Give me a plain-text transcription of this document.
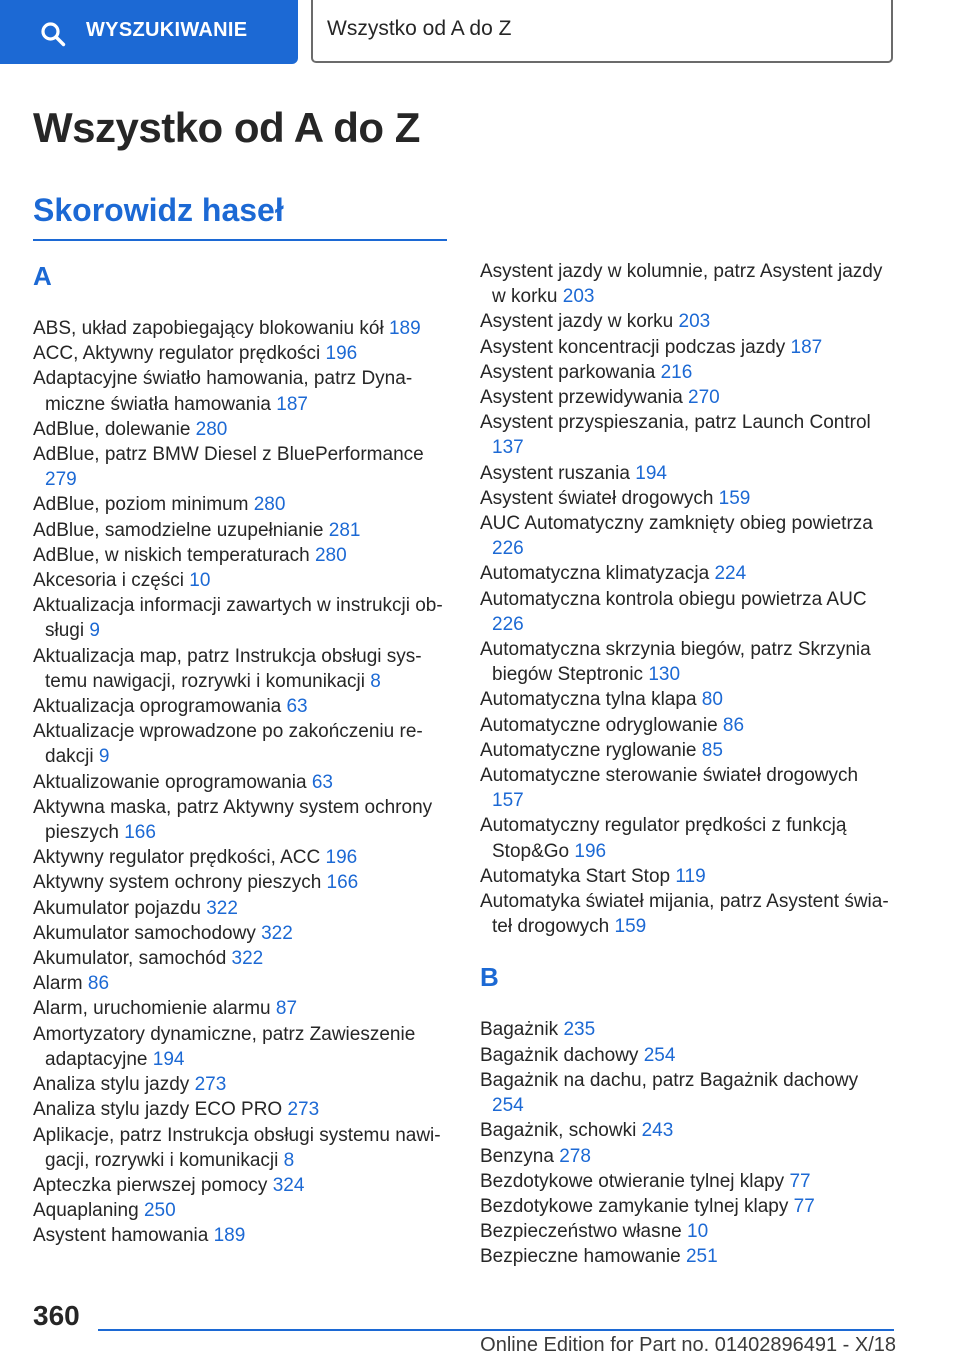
WYSZUKIWANIE	Wszystko od A do Z
Wszystko od A do Z
Skorowidz haseł
A
ABS, układ zapobiegający blokowaniu kół 189
ACC, Aktywny regulator prędkości 196
Adaptacyjne światło hamowania, patrz Dynamiczne światła hamowania 187
AdBlue, dolewanie 280
AdBlue, patrz BMW Diesel z BluePerformance 279
AdBlue, poziom minimum 280
AdBlue, samodzielne uzupełnianie 281
AdBlue, w niskich temperaturach 280
Akcesoria i części 10
Aktualizacja informacji zawartych w instrukcji obsługi 9
Aktualizacja map, patrz Instrukcja obsługi systemu nawigacji, rozrywki i komunikacji 8
Aktualizacja oprogramowania 63
Aktualizacje wprowadzone po zakończeniu redakcji 9
Aktualizowanie oprogramowania 63
Aktywna maska, patrz Aktywny system ochrony pieszych 166
Aktywny regulator prędkości, ACC 196
Aktywny system ochrony pieszych 166
Akumulator pojazdu 322
Akumulator samochodowy 322
Akumulator, samochód 322
Alarm 86
Alarm, uruchomienie alarmu 87
Amortyzatory dynamiczne, patrz Zawieszenie adaptacyjne 194
Analiza stylu jazdy 273
Analiza stylu jazdy ECO PRO 273
Aplikacje, patrz Instrukcja obsługi systemu nawigacji, rozrywki i komunikacji 8
Apteczka pierwszej pomocy 324
Aquaplaning 250
Asystent hamowania 189
Asystent jazdy w kolumnie, patrz Asystent jazdy w korku 203
Asystent jazdy w korku 203
Asystent koncentracji podczas jazdy 187
Asystent parkowania 216
Asystent przewidywania 270
Asystent przyspieszania, patrz Launch Control 137
Asystent ruszania 194
Asystent świateł drogowych 159
AUC Automatyczny zamknięty obieg powietrza 226
Automatyczna klimatyzacja 224
Automatyczna kontrola obiegu powietrza AUC 226
Automatyczna skrzynia biegów, patrz Skrzynia biegów Steptronic 130
Automatyczna tylna klapa 80
Automatyczne odryglowanie 86
Automatyczne ryglowanie 85
Automatyczne sterowanie świateł drogowych 157
Automatyczny regulator prędkości z funkcją Stop&Go 196
Automatyka Start Stop 119
Automatyka świateł mijania, patrz Asystent świateł drogowych 159
B
Bagażnik 235
Bagażnik dachowy 254
Bagażnik na dachu, patrz Bagażnik dachowy 254
Bagażnik, schowki 243
Benzyna 278
Bezdotykowe otwieranie tylnej klapy 77
Bezdotykowe zamykanie tylnej klapy 77
Bezpieczeństwo własne 10
Bezpieczne hamowanie 251
360
Online Edition for Part no. 01402896491 - X/18
